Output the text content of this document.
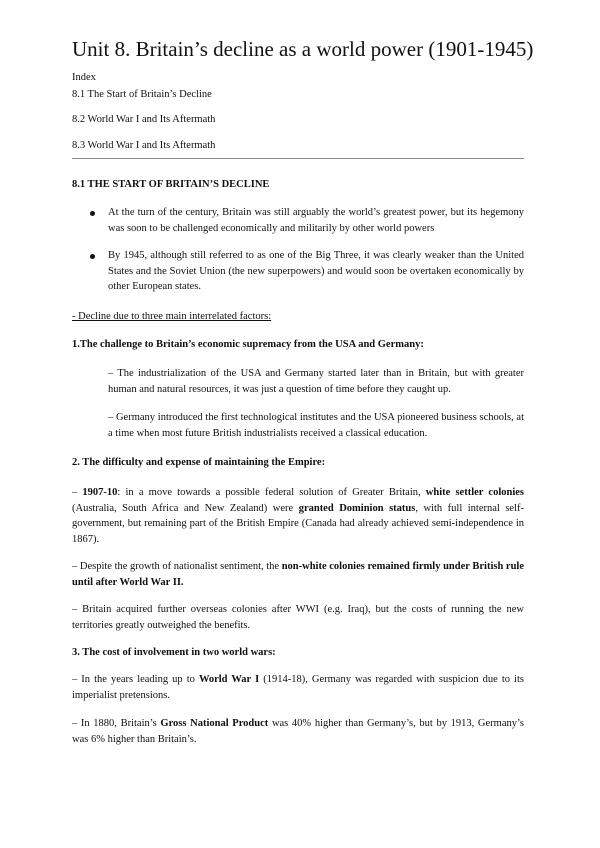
Unit 8. Britain’s decline as a world power (1901-1945)
Index
8.1 The Start of Britain’s Decline
8.2 World War I and Its Aftermath
8.3 World War I and Its Aftermath
8.1 THE START OF BRITAIN’S DECLINE
At the turn of the century, Britain was still arguably the world’s greatest power, but its hegemony was soon to be challenged economically and militarily by other world powers
By 1945, although still referred to as one of the Big Three, it was clearly weaker than the United States and the Soviet Union (the new superpowers) and would soon be overtaken economically by other European states.
- Decline due to three main interrelated factors:
1.The challenge to Britain’s economic supremacy from the USA and Germany:
– The industrialization of the USA and Germany started later than in Britain, but with greater human and natural resources, it was just a question of time before they caught up.
– Germany introduced the first technological institutes and the USA pioneered business schools, at a time when most future British industrialists received a classical education.
2. The difficulty and expense of maintaining the Empire:
– 1907-10: in a move towards a possible federal solution of Greater Britain, white settler colonies (Australia, South Africa and New Zealand) were granted Dominion status, with full internal self-government, but remaining part of the British Empire (Canada had already achieved semi-independence in 1867).
– Despite the growth of nationalist sentiment, the non-white colonies remained firmly under British rule until after World War II.
– Britain acquired further overseas colonies after WWI (e.g. Iraq), but the costs of running the new territories greatly outweighed the benefits.
3. The cost of involvement in two world wars:
– In the years leading up to World War I (1914-18), Germany was regarded with suspicion due to its imperialist pretensions.
– In 1880, Britain’s Gross National Product was 40% higher than Germany’s, but by 1913, Germany’s was 6% higher than Britain’s.
